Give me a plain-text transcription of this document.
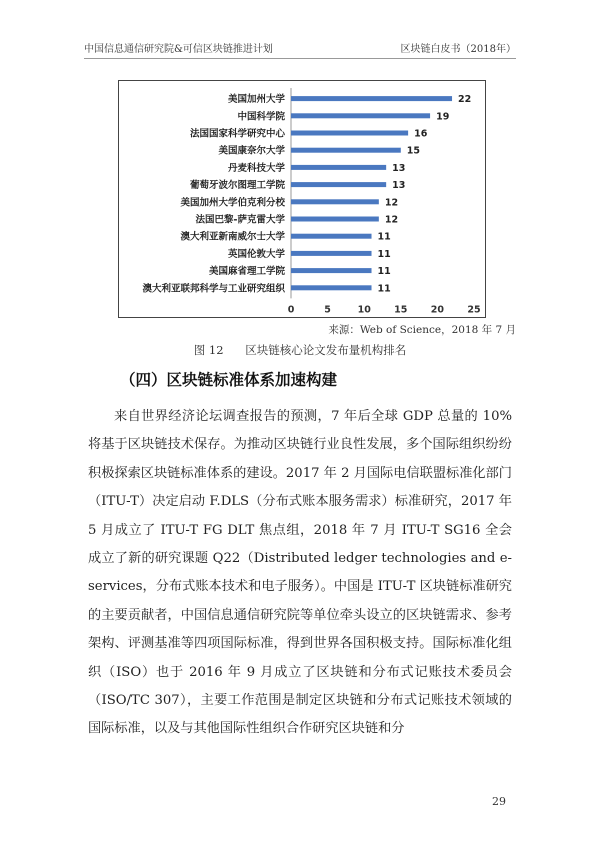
中国信息通信研究院&可信区块链推进计划	区块链白皮书（2018年）
美国加州大学	22
中国科学院	19
法国国家科学研究中心	16
美国康奈尔大学	15
丹麦科技大学	13
葡萄牙波尔图理工学院	13
美国加州大学伯克利分校	12
法国巴黎-萨克雷大学	12
澳大利亚新南威尔士大学	11
英国伦敦大学	11
美国麻省理工学院	11
澳大利亚联邦科学与工业研究组织	11
0	5	10 15 20 25
来源：Web of Science，2018 年 7 月
图 12 区块链核心论文发布量机构排名
（四）区块链标准体系加速构建

来自世界经济论坛调查报告的预测，7 年后全球 GDP 总量的 10%将基于区块链技术保存。为推动区块链行业良性发展，多个国际组织纷纷积极探索区块链标准体系的建设。2017 年 2 月国际电信联盟标准化部门（ITU-T）决定启动 F.DLS（分布式账本服务需求）标准研究，2017 年 5 月成立了 ITU-T FG DLT 焦点组，2018 年 7 月 ITU-T SG16 全会成立了新的研究课题 Q22（Distributed ledger technologies and e-services，分布式账本技术和电子服务）。中国是 ITU-T 区块链标准研究的主要贡献者，中国信息通信研究院等单位牵头设立的区块链需求、参考架构、评测基准等四项国际标准，得到世界各国积极支持。国际标准化组织（ISO）也于 2016 年 9 月成立了区块链和分布式记账技术委员会（ISO/TC 307），主要工作范围是制定区块链和分布式记账技术领域的国际标准，以及与其他国际性组织合作研究区块链和分

29
